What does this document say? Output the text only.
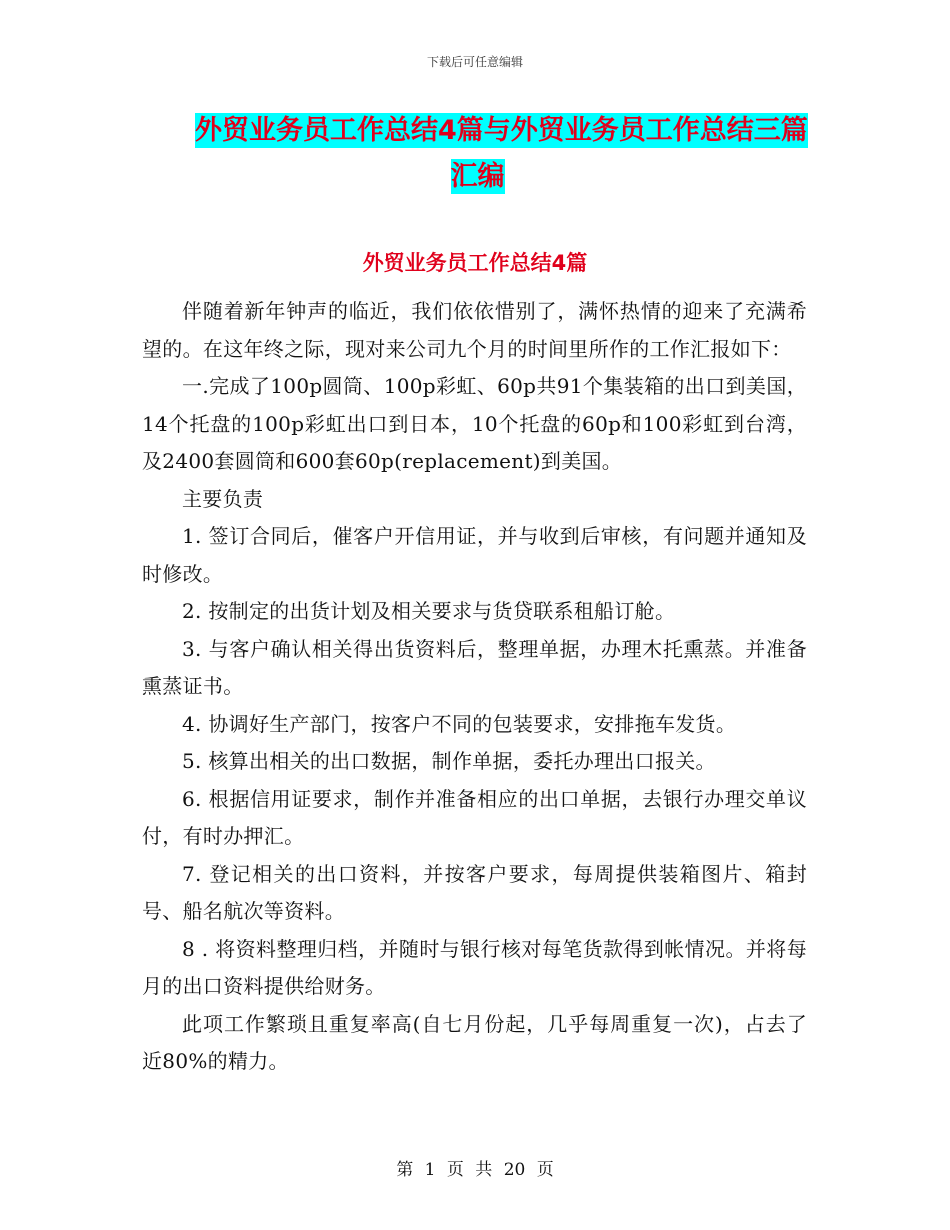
下载后可任意编辑
外贸业务员工作总结4篇与外贸业务员工作总结三篇
汇编
外贸业务员工作总结4篇

伴随着新年钟声的临近，我们依依惜别了，满怀热情的迎来了充满希望的。在这年终之际，现对来公司九个月的时间里所作的工作汇报如下：

一.完成了100p圆筒、100p彩虹、60p共91个集装箱的出口到美国，14个托盘的100p彩虹出口到日本，10个托盘的60p和100彩虹到台湾，及2400套圆筒和600套60p(replacement)到美国。

主要负责

1. 签订合同后，催客户开信用证，并与收到后审核，有问题并通知及时修改。

2. 按制定的出货计划及相关要求与货贷联系租船订舱。

3. 与客户确认相关得出货资料后，整理单据，办理木托熏蒸。并准备熏蒸证书。

4. 协调好生产部门，按客户不同的包装要求，安排拖车发货。

5. 核算出相关的出口数据，制作单据，委托办理出口报关。

6. 根据信用证要求，制作并准备相应的出口单据，去银行办理交单议付，有时办押汇。

7. 登记相关的出口资料，并按客户要求，每周提供装箱图片、箱封号、船名航次等资料。

8 . 将资料整理归档，并随时与银行核对每笔货款得到帐情况。并将每月的出口资料提供给财务。

此项工作繁琐且重复率高(自七月份起，几乎每周重复一次)，占去了近80%的精力。

第 1 页 共 20 页
